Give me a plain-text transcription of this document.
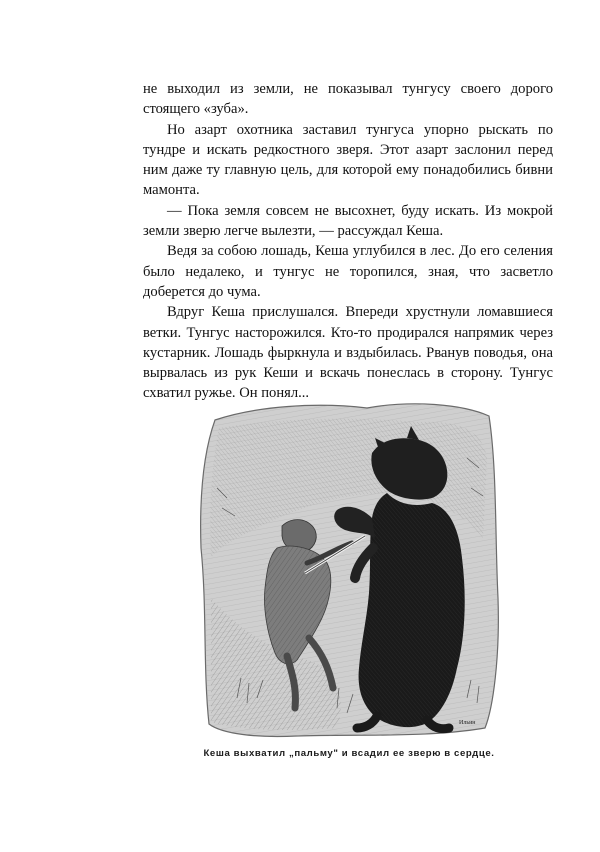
не выходил из земли, не показывал тунгусу своего дорого стоящего «зуба».

Но азарт охотника заставил тунгуса упорно рыскать по тундре и искать редкостного зверя. Этот азарт заслонил перед ним даже ту главную цель, для которой ему понадобились бивни мамонта.

— Пока земля совсем не высохнет, буду искать. Из мокрой земли зверю легче вылезти, — рассуждал Кеша.

Ведя за собою лошадь, Кеша углубился в лес. До его селения было недалеко, и тунгус не торопился, зная, что засветло доберется до чума.

Вдруг Кеша прислушался. Впереди хрустнули ломавшиеся ветки. Тунгус насторожился. Кто-то продирался напрямик через кустарник. Лошадь фыркнула и вздыбилась. Рванув поводья, она вырвалась из рук Кеши и вскачь понеслась в сторону. Тунгус схватил ружье. Он понял...

Ильин
Кеша выхватил „пальму" и всадил ее зверю в сердце.
